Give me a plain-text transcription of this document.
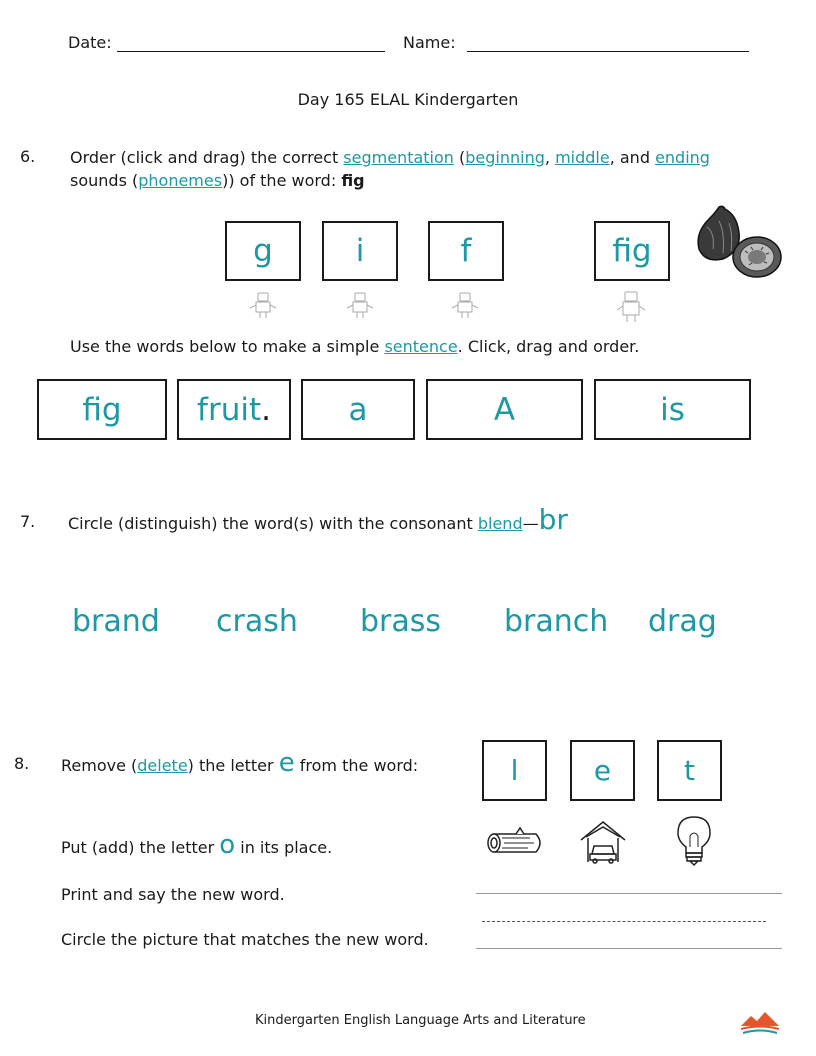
Date:	Name:
Day 165 ELAL Kindergarten
6. Order (click and drag) the correct segmentation (beginning, middle, and ending
sounds (phonemes)) of the word: fig
g	i	f	fig
Use the words below to make a simple sentence. Click, drag and order.
fig	fruit .	a	A	is
7. Circle (distinguish) the word(s) with the consonant blend—br
brand crash brass branch drag
8. Remove (delete) the letter e from the word:	l	e	t
Put (add) the letter o in its place.
Print and say the new word.
Circle the picture that matches the new word.
Kindergarten English Language Arts and Literature
